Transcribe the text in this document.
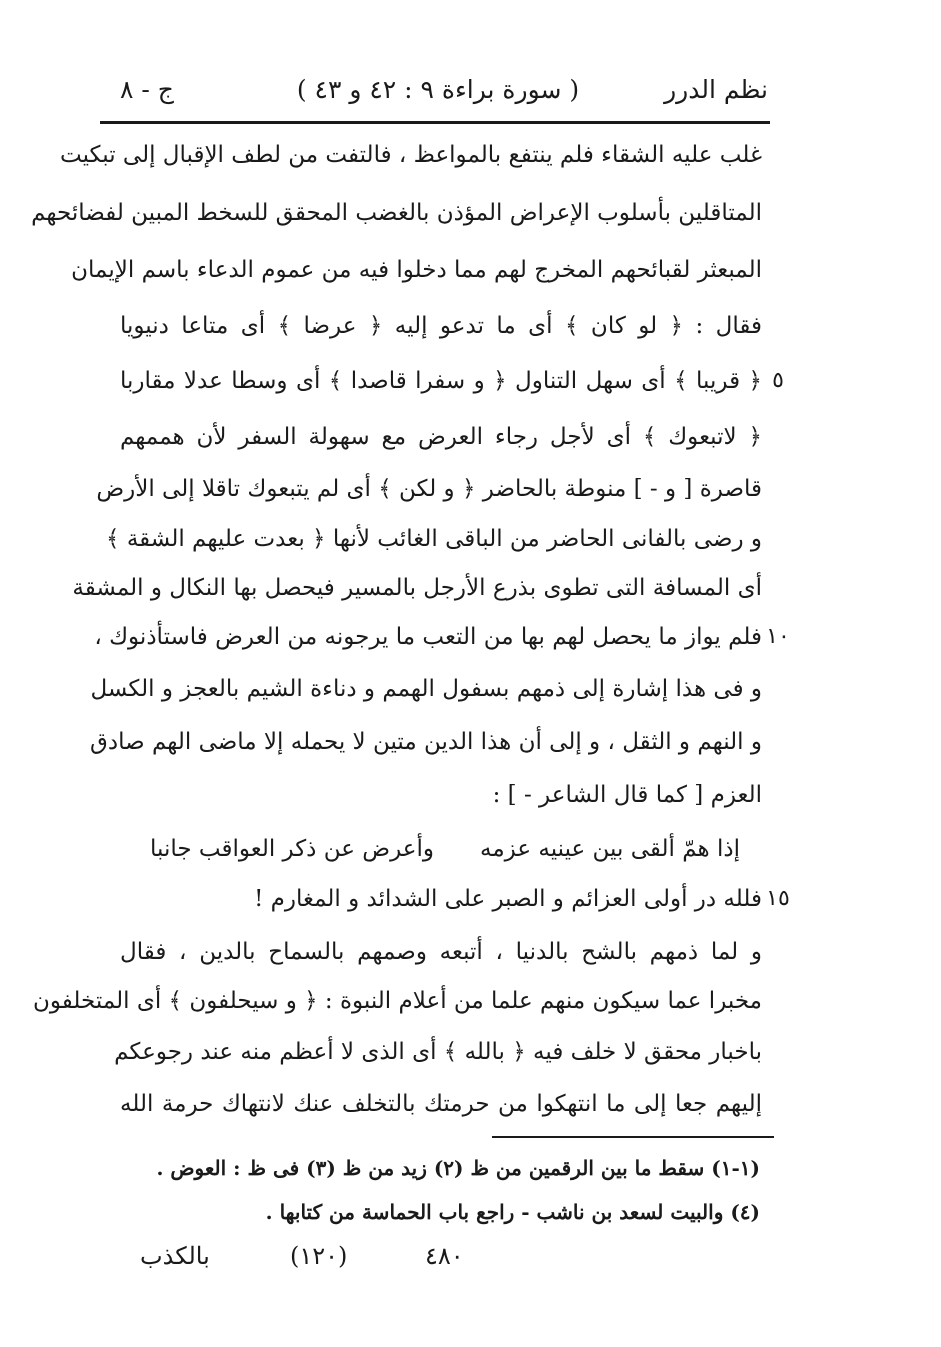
نظم الدرر
( سورة براءة ٩ : ٤٢ و ٤٣ )
ج - ٨
غلب عليه الشقاء فلم ينتفع بالمواعظ ، فالتفت من لطف الإقبال إلى تبكيت
المتاقلين بأسلوب الإعراض المؤذن بالغضب المحقق للسخط المبين لفضائحهم
المبعثر لقبائحهم المخرج لهم مما دخلوا فيه من عموم الدعاء باسم الإيمان
فقال : ﴿ لو كان ﴾ أى ما تدعو إليه ﴿ عرضا ﴾ أى متاعا دنيويا
٥
﴿ قريبا ﴾ أى سهل التناول ﴿ و سفرا قاصدا ﴾ أى وسطا عدلا مقاربا
﴿ لاتبعوك ﴾ أى لأجل رجاء العرض مع سهولة السفر لأن هممهم
قاصرة [ و - ] منوطة بالحاضر ﴿ و لكن ﴾ أى لم يتبعوك تاقلا إلى الأرض
و رضى بالفانى الحاضر من الباقى الغائب لأنها ﴿ بعدت عليهم الشقة ﴾
أى المسافة التى تطوى بذرع الأرجل بالمسير فيحصل بها النكال و المشقة
١٠
فلم يواز ما يحصل لهم بها من التعب ما يرجونه من العرض فاستأذنوك ،
و فى هذا إشارة إلى ذمهم بسفول الهمم و دناءة الشيم بالعجز و الكسل
و النهم و الثقل ، و إلى أن هذا الدين متين لا يحمله إلا ماضى الهم صادق
العزم [ كما قال الشاعر - ] :
إذا همّ ألقى بين عينيه عزمه
وأعرض عن ذكر العواقب جانبا
١٥
فلله در أولى العزائم و الصبر على الشدائد و المغارم !
و لما ذمهم بالشح بالدنيا ، أتبعه وصمهم بالسماح بالدين ، فقال
مخبرا عما سيكون منهم علما من أعلام النبوة : ﴿ و سيحلفون ﴾ أى المتخلفون
باخبار محقق لا خلف فيه ﴿ بالله ﴾ أى الذى لا أعظم منه عند رجوعكم
إليهم جعا إلى ما انتهكوا من حرمتك بالتخلف عنك لانتهاك حرمة الله
(١-١) سقط ما بين الرقمين من ظ (٢) زيد من ظ (٣) فى ظ : العوض .
(٤) والبيت لسعد بن ناشب - راجع باب الحماسة من كتابها .
٤٨٠
(١٢٠)
بالكذب
